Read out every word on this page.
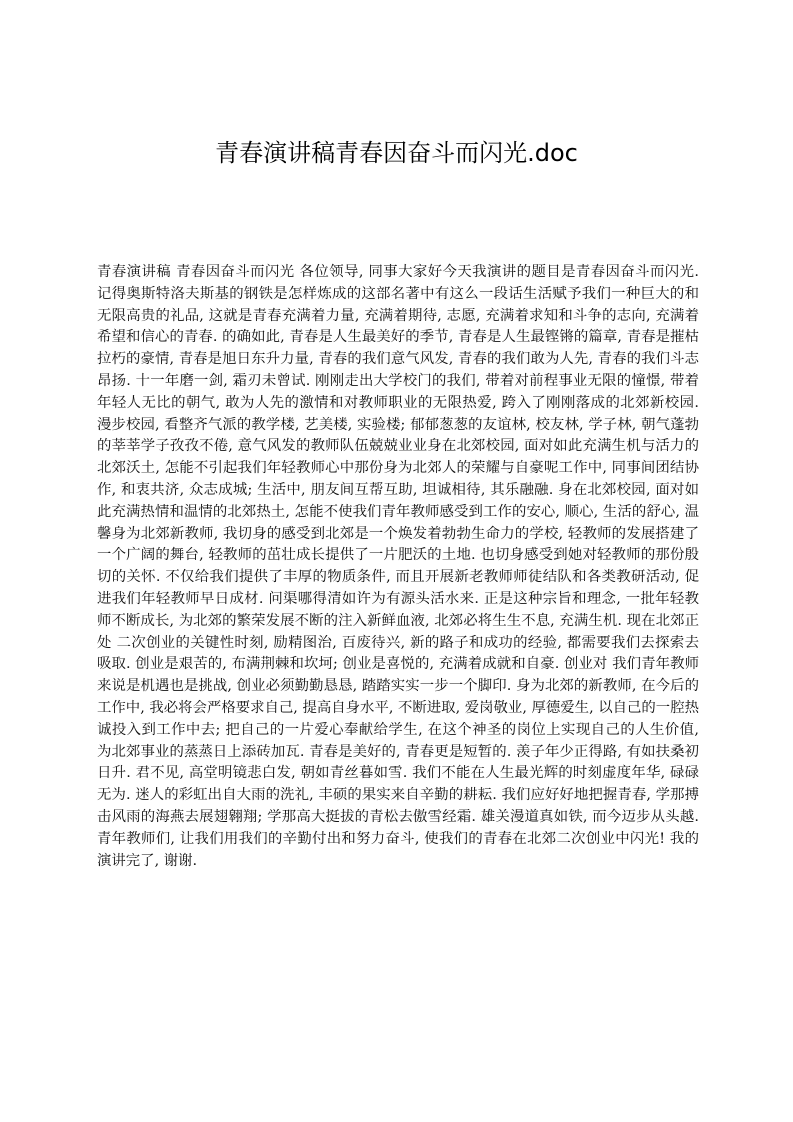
青春演讲稿青春因奋斗而闪光.doc

青春演讲稿 青春因奋斗而闪光 各位领导, 同事大家好今天我演讲的题目是青春因奋斗而闪光. 记得奥斯特洛夫斯基的钢铁是怎样炼成的这部名著中有这么一段话生活赋予我们一种巨大的和无限高贵的礼品, 这就是青春充满着力量, 充满着期待, 志愿, 充满着求知和斗争的志向, 充满着希望和信心的青春. 的确如此, 青春是人生最美好的季节, 青春是人生最铿锵的篇章, 青春是摧枯拉朽的豪情, 青春是旭日东升力量, 青春的我们意气风发, 青春的我们敢为人先, 青春的我们斗志昂扬. 十一年磨一剑, 霜刃未曾试. 刚刚走出大学校门的我们, 带着对前程事业无限的憧憬, 带着年轻人无比的朝气, 敢为人先的激情和对教师职业的无限热爱, 跨入了刚刚落成的北郊新校园. 漫步校园, 看整齐气派的教学楼, 艺美楼, 实验楼; 郁郁葱葱的友谊林, 校友林, 学子林, 朝气蓬勃的莘莘学子孜孜不倦, 意气风发的教师队伍兢兢业业身在北郊校园, 面对如此充满生机与活力的北郊沃土, 怎能不引起我们年轻教师心中那份身为北郊人的荣耀与自豪呢工作中, 同事间团结协作, 和衷共济, 众志成城; 生活中, 朋友间互帮互助, 坦诚相待, 其乐融融. 身在北郊校园, 面对如此充满热情和温情的北郊热土, 怎能不使我们青年教师感受到工作的安心, 顺心, 生活的舒心, 温馨身为北郊新教师, 我切身的感受到北郊是一个焕发着勃勃生命力的学校, 轻教师的发展搭建了一个广阔的舞台, 轻教师的茁壮成长提供了一片肥沃的土地. 也切身感受到她对轻教师的那份殷切的关怀. 不仅给我们提供了丰厚的物质条件, 而且开展新老教师师徒结队和各类教研活动, 促进我们年轻教师早日成材. 问渠哪得清如许为有源头活水来. 正是这种宗旨和理念, 一批年轻教师不断成长, 为北郊的繁荣发展不断的注入新鲜血液, 北郊必将生生不息, 充满生机. 现在北郊正处 二次创业的关键性时刻, 励精图治, 百废待兴, 新的路子和成功的经验, 都需要我们去探索去吸取. 创业是艰苦的, 布满荆棘和坎坷; 创业是喜悦的, 充满着成就和自豪. 创业对 我们青年教师来说是机遇也是挑战, 创业必须勤勤恳恳, 踏踏实实一步一个脚印. 身为北郊的新教师, 在今后的工作中, 我必将会严格要求自己, 提高自身水平, 不断进取, 爱岗敬业, 厚德爱生, 以自己的一腔热诚投入到工作中去; 把自己的一片爱心奉献给学生, 在这个神圣的岗位上实现自己的人生价值, 为北郊事业的蒸蒸日上添砖加瓦. 青春是美好的, 青春更是短暂的. 羡子年少正得路, 有如扶桑初日升. 君不见, 高堂明镜悲白发, 朝如青丝暮如雪. 我们不能在人生最光辉的时刻虚度年华, 碌碌无为. 迷人的彩虹出自大雨的洗礼, 丰硕的果实来自辛勤的耕耘. 我们应好好地把握青春, 学那搏击风雨的海燕去展翅翱翔; 学那高大挺拔的青松去傲雪经霜. 雄关漫道真如铁, 而今迈步从头越. 青年教师们, 让我们用我们的辛勤付出和努力奋斗, 使我们的青春在北郊二次创业中闪光! 我的演讲完了, 谢谢.
